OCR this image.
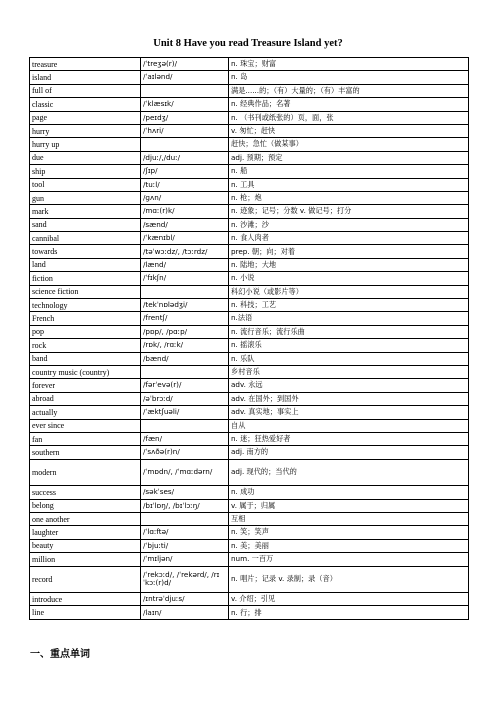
Unit 8 Have you read Treasure Island yet?
treasure	/ˈtreʒə(r)/	n. 珠宝；财富
island	/ˈaɪlənd/	n. 岛
full of		满是......的；（有）大量的；（有）丰富的
classic	/ˈklæsɪk/	n. 经典作品；名著
page	/peɪdʒ/	n. （书刊或纸张的）页，面，张
hurry	/ˈhʌri/	v. 匆忙；赶快
hurry up		赶快；急忙（做某事）
due	/djuː/,/duː/	adj. 预期；预定
ship	/ʃɪp/	n. 船
tool	/tuːl/	n. 工具
gun	/ɡʌn/	n. 枪；炮
mark	/mɑː(r)k/	n. 迹象；记号；分数 v. 做记号；打分
sand	/sænd/	n. 沙滩；沙
cannibal	/ˈkænɪbl/	n. 食人肉者
towards	/təˈwɔːdz/, /tɔːrdz/	prep. 朝；向；对着
land	/lænd/	n. 陆地；大地
fiction	/ˈfɪkʃn/	n. 小说
science fiction		科幻小说（或影片等）
technology	/tekˈnɒlədʒi/	n. 科技；工艺
French	/frentʃ/	n.法语
pop	/pɒp/, /pɑːp/	n. 流行音乐；流行乐曲
rock	/rɒk/, /rɑːk/	n. 摇滚乐
band	/bænd/	n. 乐队
country music (country)		乡村音乐
forever	/fərˈevə(r)/	adv. 永远
abroad	/əˈbrɔːd/	adv. 在国外；到国外
actually	/ˈæktʃuəli/	adv. 真实地；事实上
ever since		自从
fan	/fæn/	n. 迷；狂热爱好者
southern	/ˈsʌðə(r)n/	adj. 南方的
modern	/ˈmɒdn/, /ˈmɑːdərn/	adj. 现代的；当代的
success	/səkˈses/	n. 成功
belong	/bɪˈlɒŋ/, /bɪˈlɔːŋ/	v. 属于；归属
one another		互相
laughter	/ˈlɑːftə/	n. 笑；笑声
beauty	/ˈbjuːti/	n. 美；美丽
million	/ˈmɪljən/	num. 一百万
record	/ˈrekɔːd/, /ˈrekərd/, /rɪˈkɔː(r)d/	n. 唱片；记录 v. 录制；录（音）
introduce	/ɪntrəˈdjuːs/	v. 介绍；引见
line	/laɪn/	n. 行；排
一、重点单词
